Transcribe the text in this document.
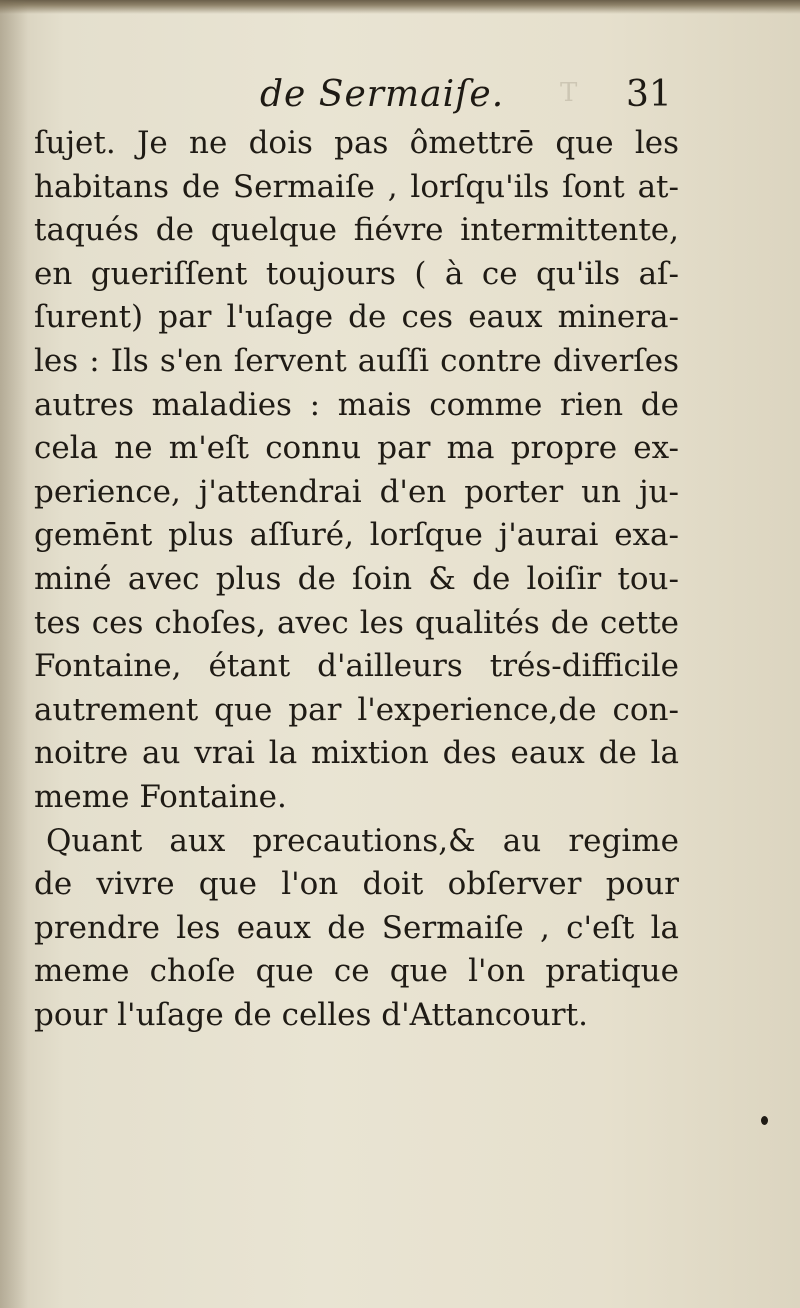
T
de Sermaiſe.	31
ſujet. Je ne dois pas ômettrē que les
habitans de Sermaiſe , lorſqu'ils ſont at-
taqués de quelque fiévre intermittente,
en gueriſſent toujours ( à ce qu'ils aſ-
ſurent) par l'uſage de ces eaux minera-
les : Ils s'en ſervent auſſi contre diverſes
autres maladies : mais comme rien de
cela ne m'eſt connu par ma propre ex-
perience, j'attendrai d'en porter un ju-
gemēnt plus aſſuré, lorſque j'aurai exa-
miné avec plus de ſoin & de loiſir tou-
tes ces choſes, avec les qualités de cette
Fontaine, étant d'ailleurs trés-difficile
autrement que par l'experience,de con-
noitre au vrai la mixtion des eaux de la
meme Fontaine.
Quant aux precautions,& au regime
de vivre que l'on doit obſerver pour
prendre les eaux de Sermaiſe , c'eſt la
meme choſe que ce que l'on pratique
pour l'uſage de celles d'Attancourt.
